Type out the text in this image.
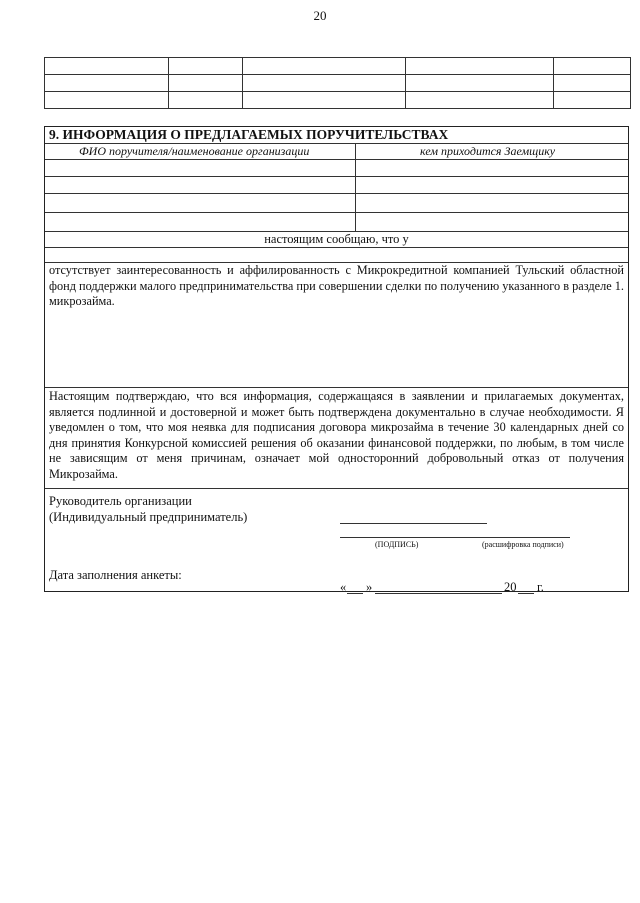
20

9. ИНФОРМАЦИЯ О ПРЕДЛАГАЕМЫХ ПОРУЧИТЕЛЬСТВАХ
ФИО поручителя/наименование организации	кем приходится Заемщику
настоящим сообщаю, что у
отсутствует заинтересованность и аффилированность с Микрокредитной компанией Тульский областной фонд поддержки малого предпринимательства при совершении сделки по получению указанного в разделе 1. микрозайма.
Настоящим подтверждаю, что вся информация, содержащаяся в заявлении и прилагаемых документах, является подлинной и достоверной и может быть подтверждена документально в случае необходимости. Я уведомлен о том, что моя неявка для подписания договора микрозайма в течение 30 календарных дней со дня принятия Конкурсной комиссией решения об оказании финансовой поддержки, по любым, в том числе не зависящим от меня причинам, означает мой односторонний добровольный отказ от получения Микрозайма.
Руководитель организации
(Индивидуальный предприниматель)
(ПОДПИСЬ)	(расшифровка подписи)
Дата заполнения анкеты:
« »	20 г.
